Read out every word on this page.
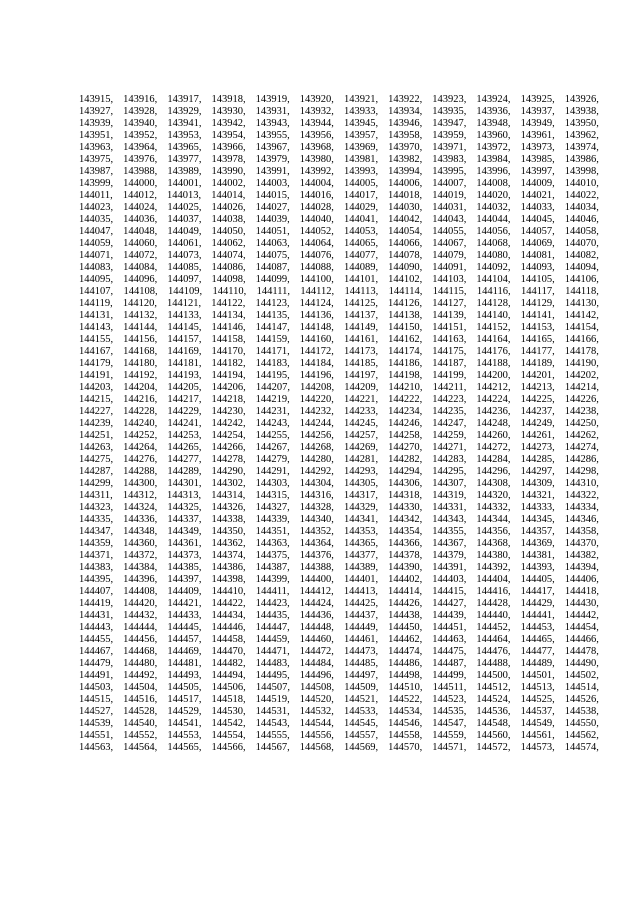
143915, 143916, 143917, 143918, 143919, 143920, 143921, 143922, 143923, 143924, 143925, 143926,
143927, 143928, 143929, 143930, 143931, 143932, 143933, 143934, 143935, 143936, 143937, 143938,
143939, 143940, 143941, 143942, 143943, 143944, 143945, 143946, 143947, 143948, 143949, 143950,
143951, 143952, 143953, 143954, 143955, 143956, 143957, 143958, 143959, 143960, 143961, 143962,
143963, 143964, 143965, 143966, 143967, 143968, 143969, 143970, 143971, 143972, 143973, 143974,
143975, 143976, 143977, 143978, 143979, 143980, 143981, 143982, 143983, 143984, 143985, 143986,
143987, 143988, 143989, 143990, 143991, 143992, 143993, 143994, 143995, 143996, 143997, 143998,
143999, 144000, 144001, 144002, 144003, 144004, 144005, 144006, 144007, 144008, 144009, 144010,
144011, 144012, 144013, 144014, 144015, 144016, 144017, 144018, 144019, 144020, 144021, 144022,
144023, 144024, 144025, 144026, 144027, 144028, 144029, 144030, 144031, 144032, 144033, 144034,
144035, 144036, 144037, 144038, 144039, 144040, 144041, 144042, 144043, 144044, 144045, 144046,
144047, 144048, 144049, 144050, 144051, 144052, 144053, 144054, 144055, 144056, 144057, 144058,
144059, 144060, 144061, 144062, 144063, 144064, 144065, 144066, 144067, 144068, 144069, 144070,
144071, 144072, 144073, 144074, 144075, 144076, 144077, 144078, 144079, 144080, 144081, 144082,
144083, 144084, 144085, 144086, 144087, 144088, 144089, 144090, 144091, 144092, 144093, 144094,
144095, 144096, 144097, 144098, 144099, 144100, 144101, 144102, 144103, 144104, 144105, 144106,
144107, 144108, 144109, 144110, 144111, 144112, 144113, 144114, 144115, 144116, 144117, 144118,
144119, 144120, 144121, 144122, 144123, 144124, 144125, 144126, 144127, 144128, 144129, 144130,
144131, 144132, 144133, 144134, 144135, 144136, 144137, 144138, 144139, 144140, 144141, 144142,
144143, 144144, 144145, 144146, 144147, 144148, 144149, 144150, 144151, 144152, 144153, 144154,
144155, 144156, 144157, 144158, 144159, 144160, 144161, 144162, 144163, 144164, 144165, 144166,
144167, 144168, 144169, 144170, 144171, 144172, 144173, 144174, 144175, 144176, 144177, 144178,
144179, 144180, 144181, 144182, 144183, 144184, 144185, 144186, 144187, 144188, 144189, 144190,
144191, 144192, 144193, 144194, 144195, 144196, 144197, 144198, 144199, 144200, 144201, 144202,
144203, 144204, 144205, 144206, 144207, 144208, 144209, 144210, 144211, 144212, 144213, 144214,
144215, 144216, 144217, 144218, 144219, 144220, 144221, 144222, 144223, 144224, 144225, 144226,
144227, 144228, 144229, 144230, 144231, 144232, 144233, 144234, 144235, 144236, 144237, 144238,
144239, 144240, 144241, 144242, 144243, 144244, 144245, 144246, 144247, 144248, 144249, 144250,
144251, 144252, 144253, 144254, 144255, 144256, 144257, 144258, 144259, 144260, 144261, 144262,
144263, 144264, 144265, 144266, 144267, 144268, 144269, 144270, 144271, 144272, 144273, 144274,
144275, 144276, 144277, 144278, 144279, 144280, 144281, 144282, 144283, 144284, 144285, 144286,
144287, 144288, 144289, 144290, 144291, 144292, 144293, 144294, 144295, 144296, 144297, 144298,
144299, 144300, 144301, 144302, 144303, 144304, 144305, 144306, 144307, 144308, 144309, 144310,
144311, 144312, 144313, 144314, 144315, 144316, 144317, 144318, 144319, 144320, 144321, 144322,
144323, 144324, 144325, 144326, 144327, 144328, 144329, 144330, 144331, 144332, 144333, 144334,
144335, 144336, 144337, 144338, 144339, 144340, 144341, 144342, 144343, 144344, 144345, 144346,
144347, 144348, 144349, 144350, 144351, 144352, 144353, 144354, 144355, 144356, 144357, 144358,
144359, 144360, 144361, 144362, 144363, 144364, 144365, 144366, 144367, 144368, 144369, 144370,
144371, 144372, 144373, 144374, 144375, 144376, 144377, 144378, 144379, 144380, 144381, 144382,
144383, 144384, 144385, 144386, 144387, 144388, 144389, 144390, 144391, 144392, 144393, 144394,
144395, 144396, 144397, 144398, 144399, 144400, 144401, 144402, 144403, 144404, 144405, 144406,
144407, 144408, 144409, 144410, 144411, 144412, 144413, 144414, 144415, 144416, 144417, 144418,
144419, 144420, 144421, 144422, 144423, 144424, 144425, 144426, 144427, 144428, 144429, 144430,
144431, 144432, 144433, 144434, 144435, 144436, 144437, 144438, 144439, 144440, 144441, 144442,
144443, 144444, 144445, 144446, 144447, 144448, 144449, 144450, 144451, 144452, 144453, 144454,
144455, 144456, 144457, 144458, 144459, 144460, 144461, 144462, 144463, 144464, 144465, 144466,
144467, 144468, 144469, 144470, 144471, 144472, 144473, 144474, 144475, 144476, 144477, 144478,
144479, 144480, 144481, 144482, 144483, 144484, 144485, 144486, 144487, 144488, 144489, 144490,
144491, 144492, 144493, 144494, 144495, 144496, 144497, 144498, 144499, 144500, 144501, 144502,
144503, 144504, 144505, 144506, 144507, 144508, 144509, 144510, 144511, 144512, 144513, 144514,
144515, 144516, 144517, 144518, 144519, 144520, 144521, 144522, 144523, 144524, 144525, 144526,
144527, 144528, 144529, 144530, 144531, 144532, 144533, 144534, 144535, 144536, 144537, 144538,
144539, 144540, 144541, 144542, 144543, 144544, 144545, 144546, 144547, 144548, 144549, 144550,
144551, 144552, 144553, 144554, 144555, 144556, 144557, 144558, 144559, 144560, 144561, 144562,
144563, 144564, 144565, 144566, 144567, 144568, 144569, 144570, 144571, 144572, 144573, 144574,
